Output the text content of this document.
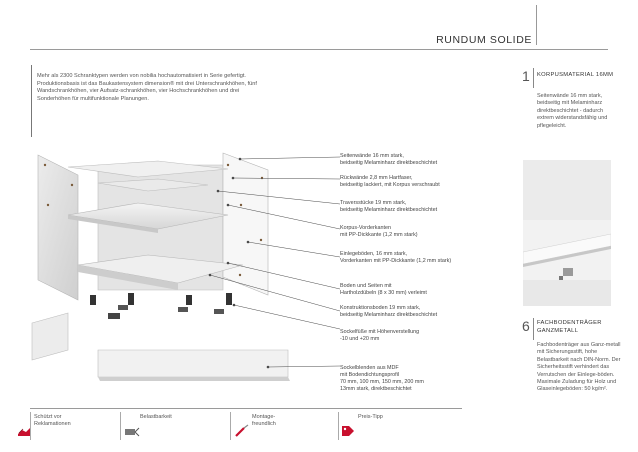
RUNDUM SOLIDE
Mehr als 2300 Schranktypen werden von nobilia hochautomatisiert in Serie gefertigt. Produktionsbasis ist das Baukastensystem dimension® mit drei Unterschrankhöhen, fünf Wandschrankhöhen, vier Aufsatz-schrankhöhen, vier Hochschrankhöhen und drei Sonderhöhen für multifunktionale Planungen.
Seitenwände 16 mm stark,
beidseitig Melaminharz direktbeschichtet
Rückwände 2,8 mm Hartfaser,
beidseitig lackiert, mit Korpus verschraubt
Traversstücke 19 mm stark,
beidseitig Melaminharz direktbeschichtet
Korpus-Vorderkanten
mit PP-Dickkante (1,2 mm stark)
Einlegeböden, 16 mm stark,
Vorderkanten mit PP-Dickkante (1,2 mm stark)
Boden und Seiten mit
Hartholzdübeln (8 x 30 mm) verleimt
Konstruktionsboden 19 mm stark,
beidseitig Melaminharz direktbeschichtet
Sockelfüße mit Höhenverstellung
-10 und +20 mm
Sockelblenden aus MDF
mit Bodendichtungsprofil
70 mm, 100 mm, 150 mm, 200 mm
13mm stark, direktbeschichtet
1 KORPUSMATERIAL 16MM
Seitenwände 16 mm stark, beidseitig mit Melaminharz direktbeschichtet - dadurch extrem widerstandsfähig und pflegeleicht.
6 FACHBODENTRÄGER
GANZMETALL
Fachbodenträger aus Ganz-metall mit Sicherungsstift, hohe Belastbarkeit nach DIN-Norm. Der Sicherheitsstift verhindert das Verrutschen der Einlege-böden. Maximale Zuladung für Holz und Glaseinlegeböden: 50 kg/m².
Schützt vor
Reklamationen
Belastbarkeit	Montage-
freundlich
Preis-Tipp
